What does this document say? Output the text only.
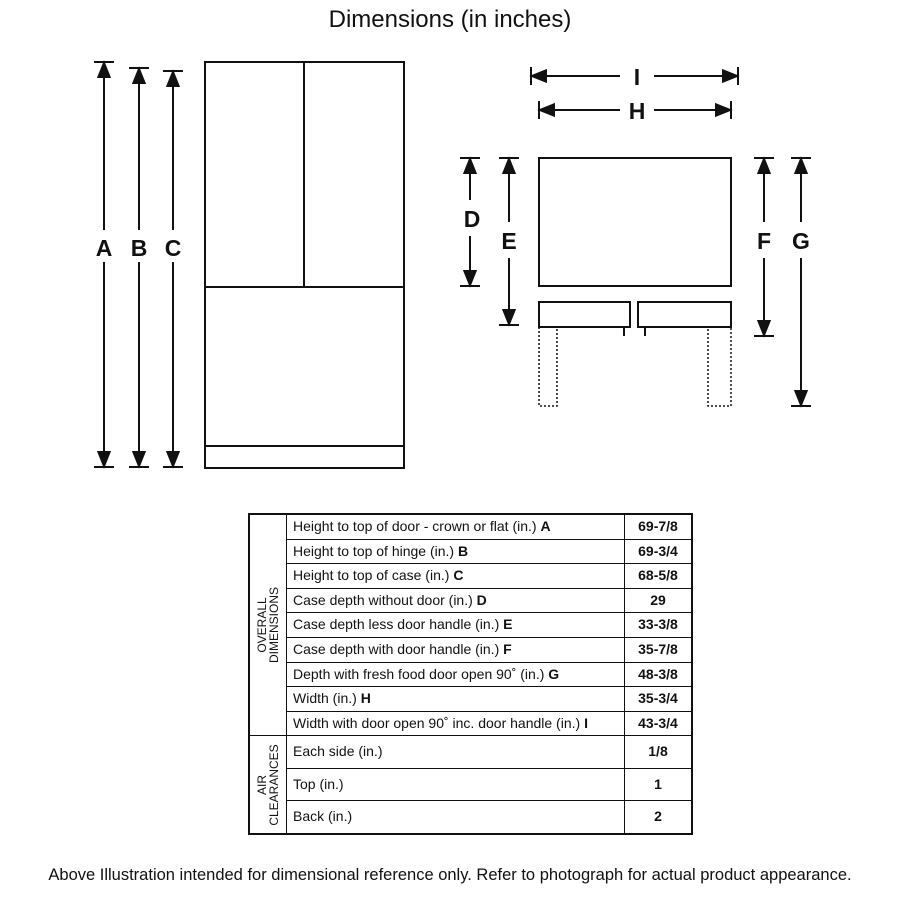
Dimensions (in inches)
A B C
I
H
D
E	F G
OVERALL
DIMENSIONS	Height to top of door - crown or flat (in.) A	69-7/8
	Height to top of hinge (in.) B	69-3/4
	Height to top of case (in.) C	68-5/8
	Case depth without door (in.) D	29
	Case depth less door handle (in.) E	33-3/8
	Case depth with door handle (in.) F	35-7/8
	Depth with fresh food door open 90˚ (in.) G	48-3/8
	Width (in.) H	35-3/4
	Width with door open 90˚ inc. door handle (in.) I	43-3/4

AIR
CLEARANCES	Each side (in.)	1/8
	Top (in.)	1
	Back (in.)	2
Above Illustration intended for dimensional reference only. Refer to photograph for actual product appearance.
